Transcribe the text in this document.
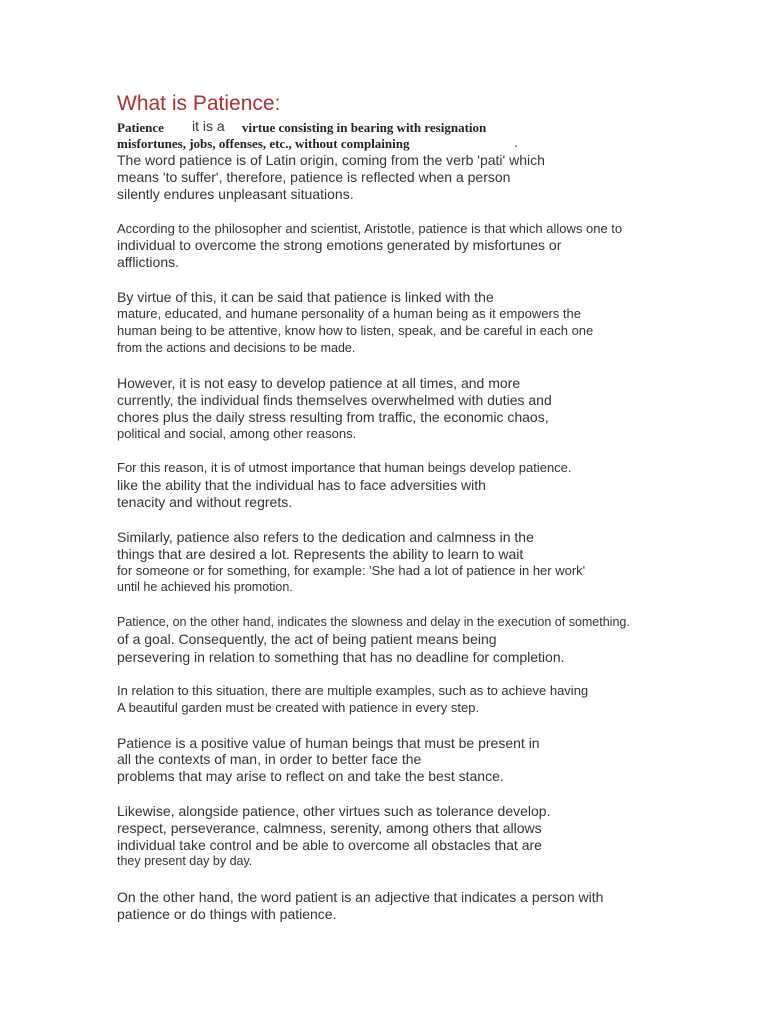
What is Patience:
Patience it is a virtue consisting in bearing with resignation
misfortunes, jobs, offenses, etc., without complaining	.
The word patience is of Latin origin, coming from the verb 'pati' which
means 'to suffer', therefore, patience is reflected when a person
silently endures unpleasant situations.
According to the philosopher and scientist, Aristotle, patience is that which allows one to
individual to overcome the strong emotions generated by misfortunes or
afflictions.
By virtue of this, it can be said that patience is linked with the
mature, educated, and humane personality of a human being as it empowers the
human being to be attentive, know how to listen, speak, and be careful in each one
from the actions and decisions to be made.
However, it is not easy to develop patience at all times, and more
currently, the individual finds themselves overwhelmed with duties and
chores plus the daily stress resulting from traffic, the economic chaos,
political and social, among other reasons.
For this reason, it is of utmost importance that human beings develop patience.
like the ability that the individual has to face adversities with
tenacity and without regrets.
Similarly, patience also refers to the dedication and calmness in the
things that are desired a lot. Represents the ability to learn to wait
for someone or for something, for example: 'She had a lot of patience in her work'
until he achieved his promotion.
Patience, on the other hand, indicates the slowness and delay in the execution of something.
of a goal. Consequently, the act of being patient means being
persevering in relation to something that has no deadline for completion.
In relation to this situation, there are multiple examples, such as to achieve having
A beautiful garden must be created with patience in every step.
Patience is a positive value of human beings that must be present in
all the contexts of man, in order to better face the
problems that may arise to reflect on and take the best stance.
Likewise, alongside patience, other virtues such as tolerance develop.
respect, perseverance, calmness, serenity, among others that allows
individual take control and be able to overcome all obstacles that are
they present day by day.
On the other hand, the word patient is an adjective that indicates a person with
patience or do things with patience.
